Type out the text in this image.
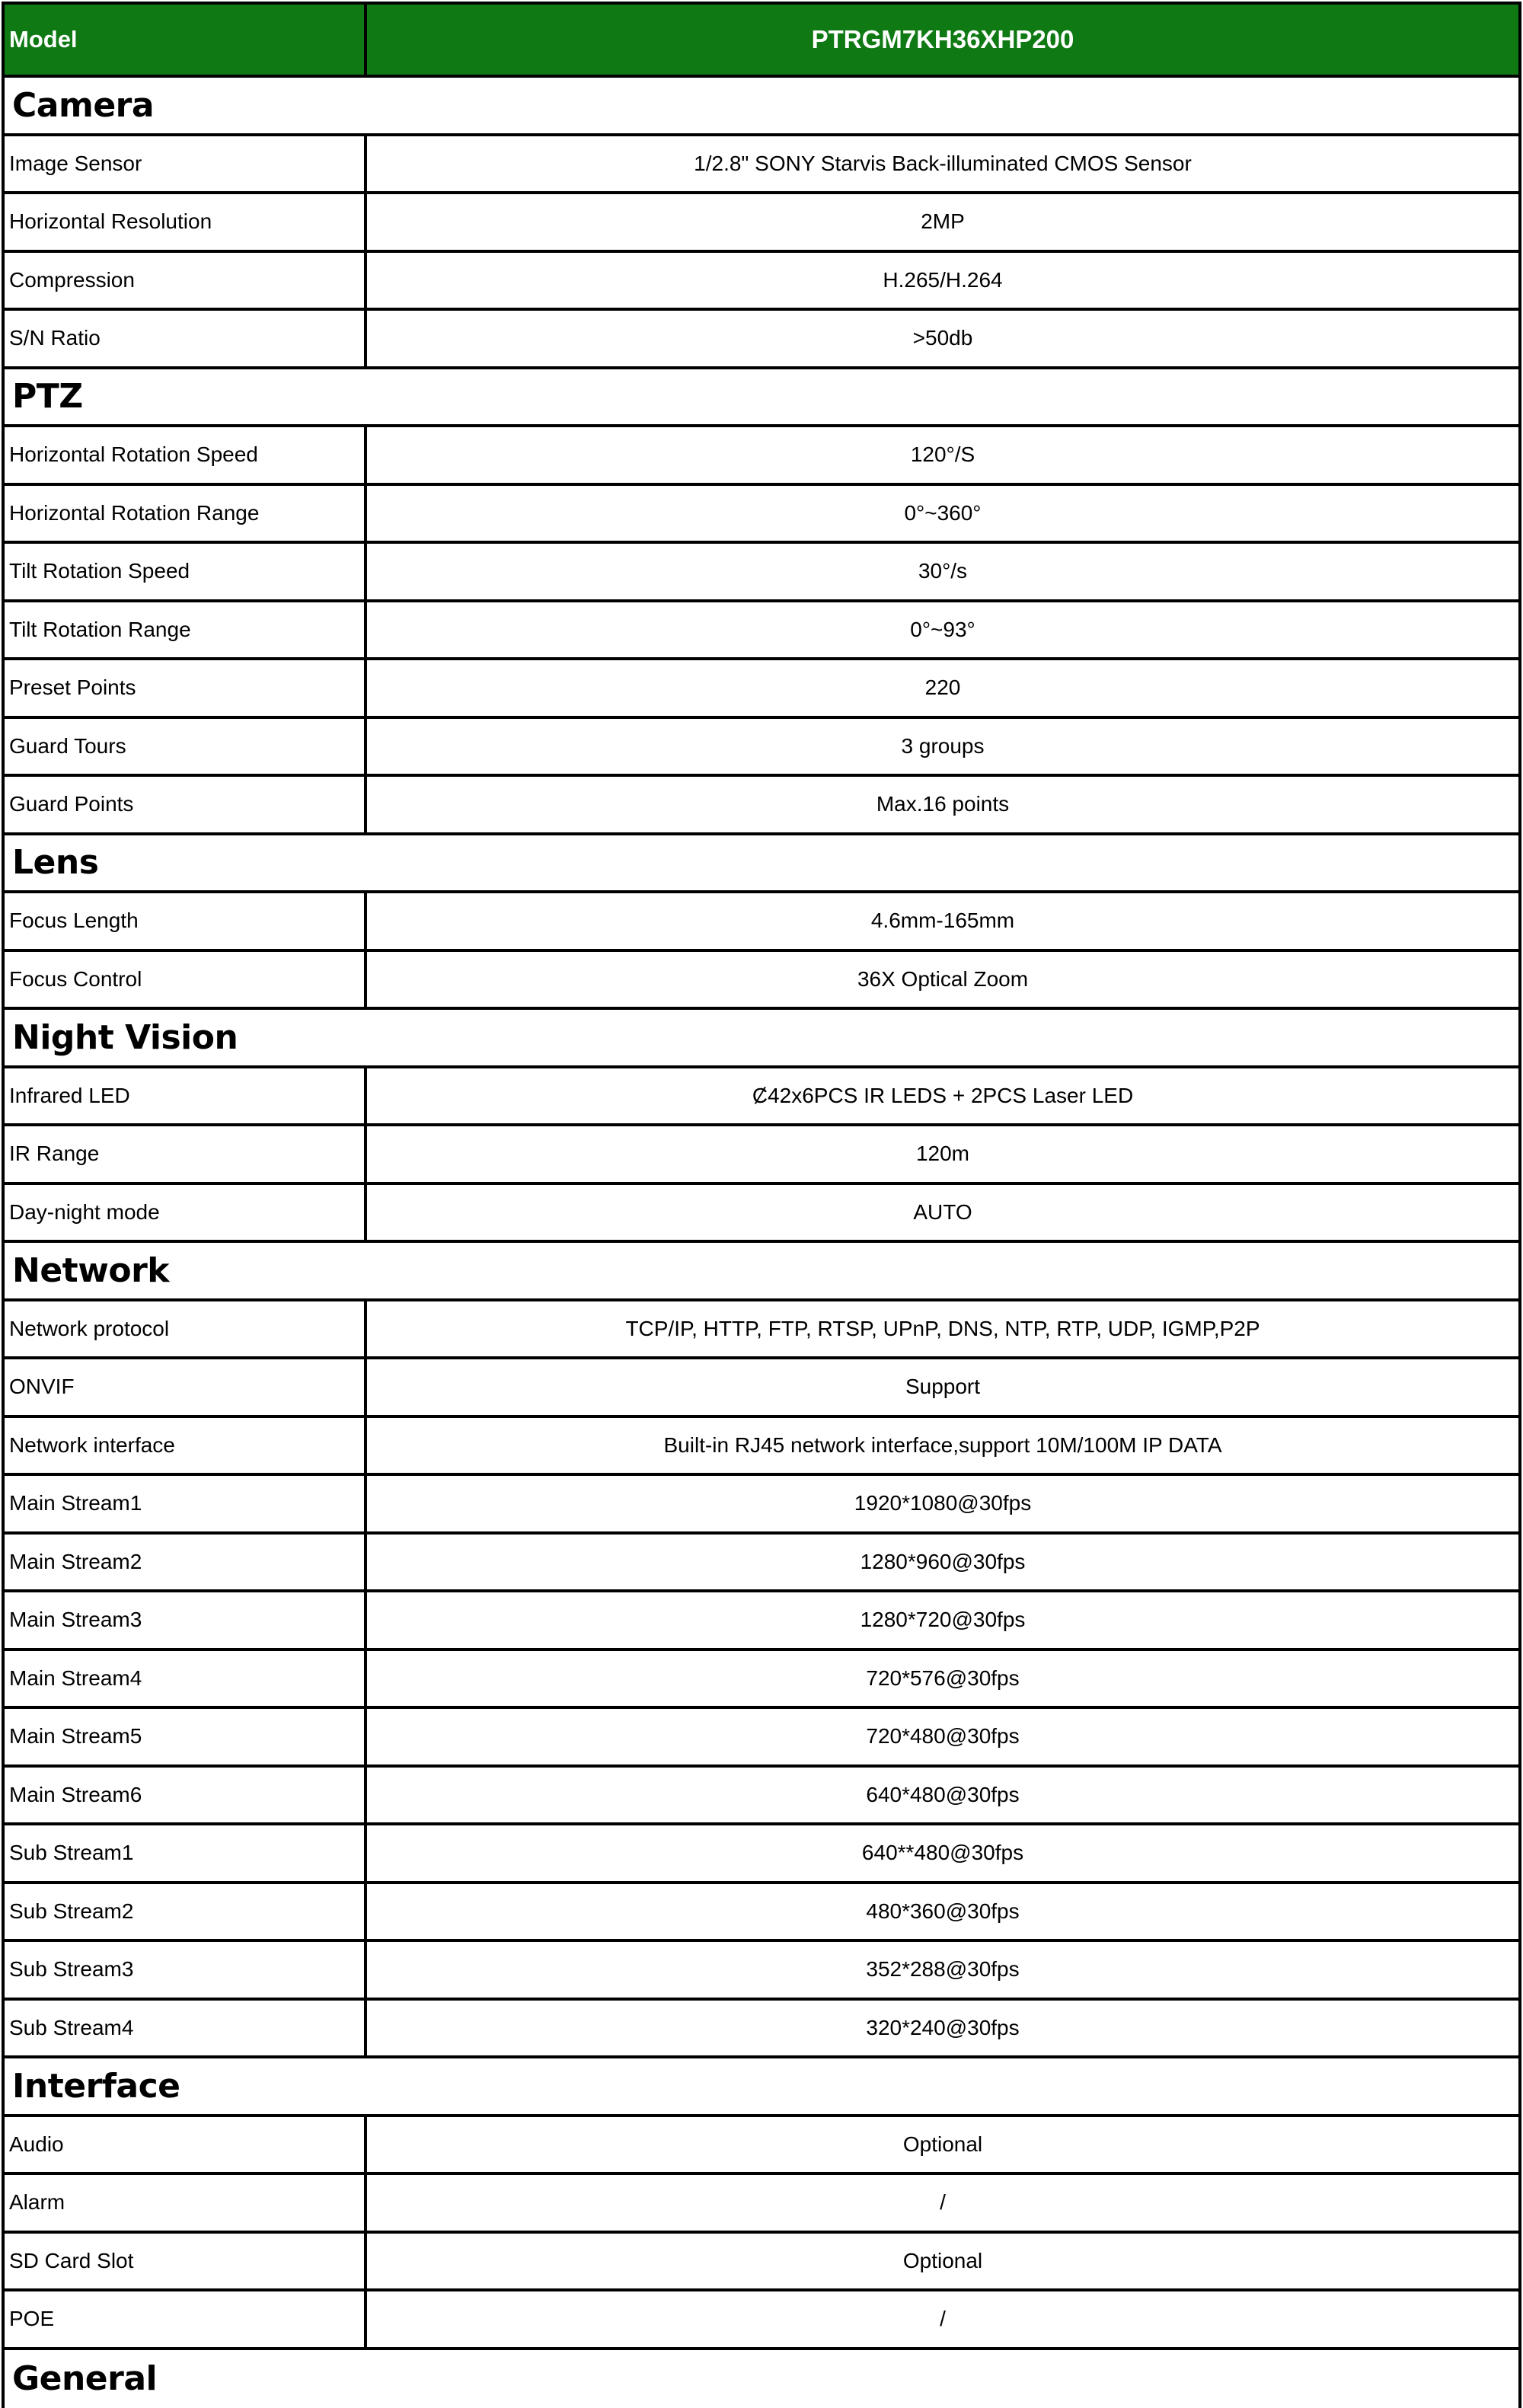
Model	PTRGM7KH36XHP200
Camera
Image Sensor	1/2.8" SONY Starvis Back-illuminated CMOS Sensor
Horizontal Resolution	2MP
Compression	H.265/H.264
S/N Ratio	>50db
PTZ
Horizontal Rotation Speed	120°/S
Horizontal Rotation Range	0°~360°
Tilt Rotation Speed	30°/s
Tilt Rotation Range	0°~93°
Preset Points	220
Guard Tours	3 groups
Guard Points	Max.16 points
Lens
Focus Length	4.6mm-165mm
Focus Control	36X Optical Zoom
Night Vision
Infrared LED	Ȼ42x6PCS IR LEDS + 2PCS Laser LED
IR Range	120m
Day-night mode	AUTO
Network
Network protocol	TCP/IP, HTTP, FTP, RTSP, UPnP, DNS, NTP, RTP, UDP, IGMP,P2P
ONVIF	Support
Network interface	Built-in RJ45 network interface,support 10M/100M IP DATA
Main Stream1	1920*1080@30fps
Main Stream2	1280*960@30fps
Main Stream3	1280*720@30fps
Main Stream4	720*576@30fps
Main Stream5	720*480@30fps
Main Stream6	640*480@30fps
Sub Stream1	640**480@30fps
Sub Stream2	480*360@30fps
Sub Stream3	352*288@30fps
Sub Stream4	320*240@30fps
Interface
Audio	Optional
Alarm	/
SD Card Slot	Optional
POE	/
General
